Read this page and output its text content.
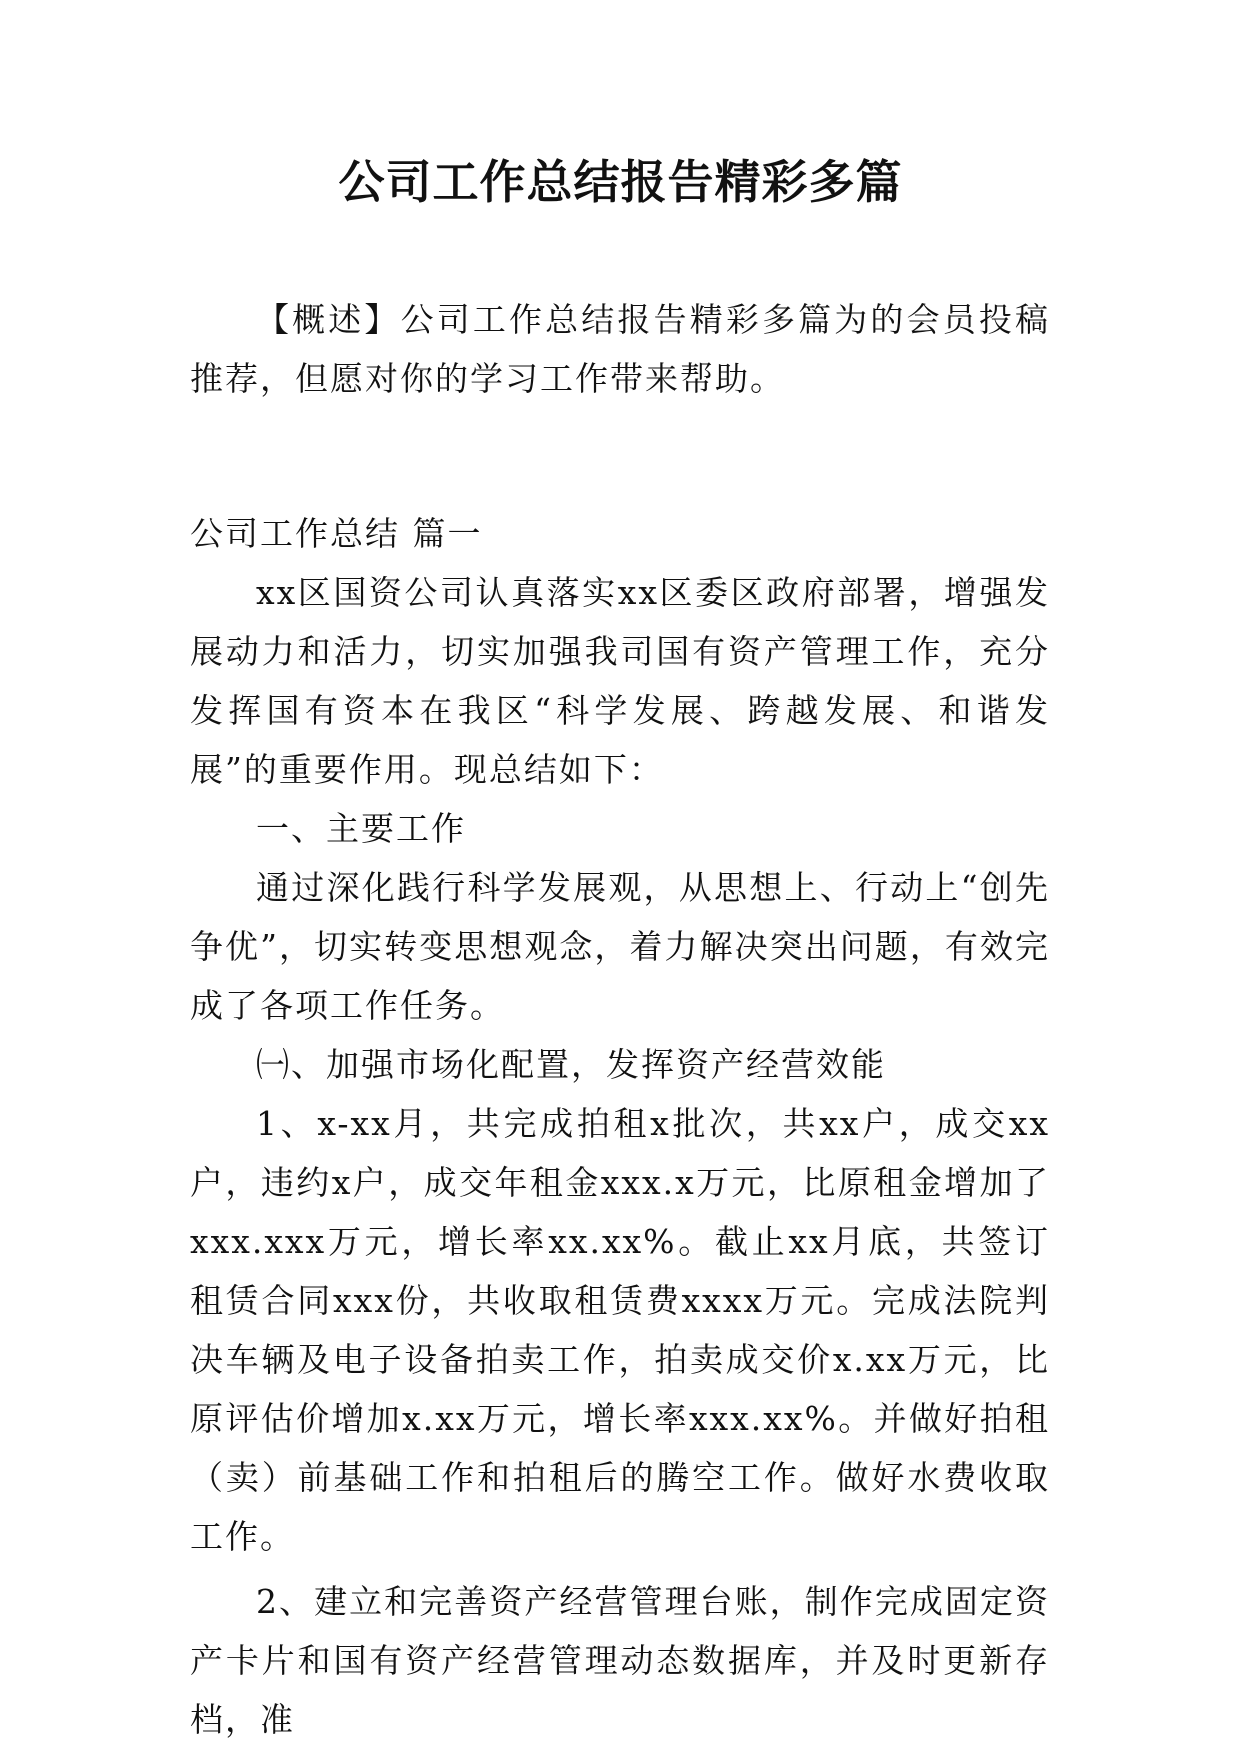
公司工作总结报告精彩多篇

【概述】公司工作总结报告精彩多篇为的会员投稿推荐，但愿对你的学习工作带来帮助。

公司工作总结 篇一

xx区国资公司认真落实xx区委区政府部署，增强发展动力和活力，切实加强我司国有资产管理工作，充分发挥国有资本在我区“科学发展、跨越发展、和谐发展”的重要作用。现总结如下：

一、主要工作

通过深化践行科学发展观，从思想上、行动上“创先争优”，切实转变思想观念，着力解决突出问题，有效完成了各项工作任务。

㈠、加强市场化配置，发挥资产经营效能

1、x-xx月，共完成拍租x批次，共xx户，成交xx户，违约x户，成交年租金xxx.x万元，比原租金增加了xxx.xxx万元，增长率xx.xx%。截止xx月底，共签订租赁合同xxx份，共收取租赁费xxxx万元。完成法院判决车辆及电子设备拍卖工作，拍卖成交价x.xx万元，比原评估价增加x.xx万元，增长率xxx.xx%。并做好拍租（卖）前基础工作和拍租后的腾空工作。做好水费收取工作。

2、建立和完善资产经营管理台账，制作完成固定资产卡片和国有资产经营管理动态数据库，并及时更新存档，准
